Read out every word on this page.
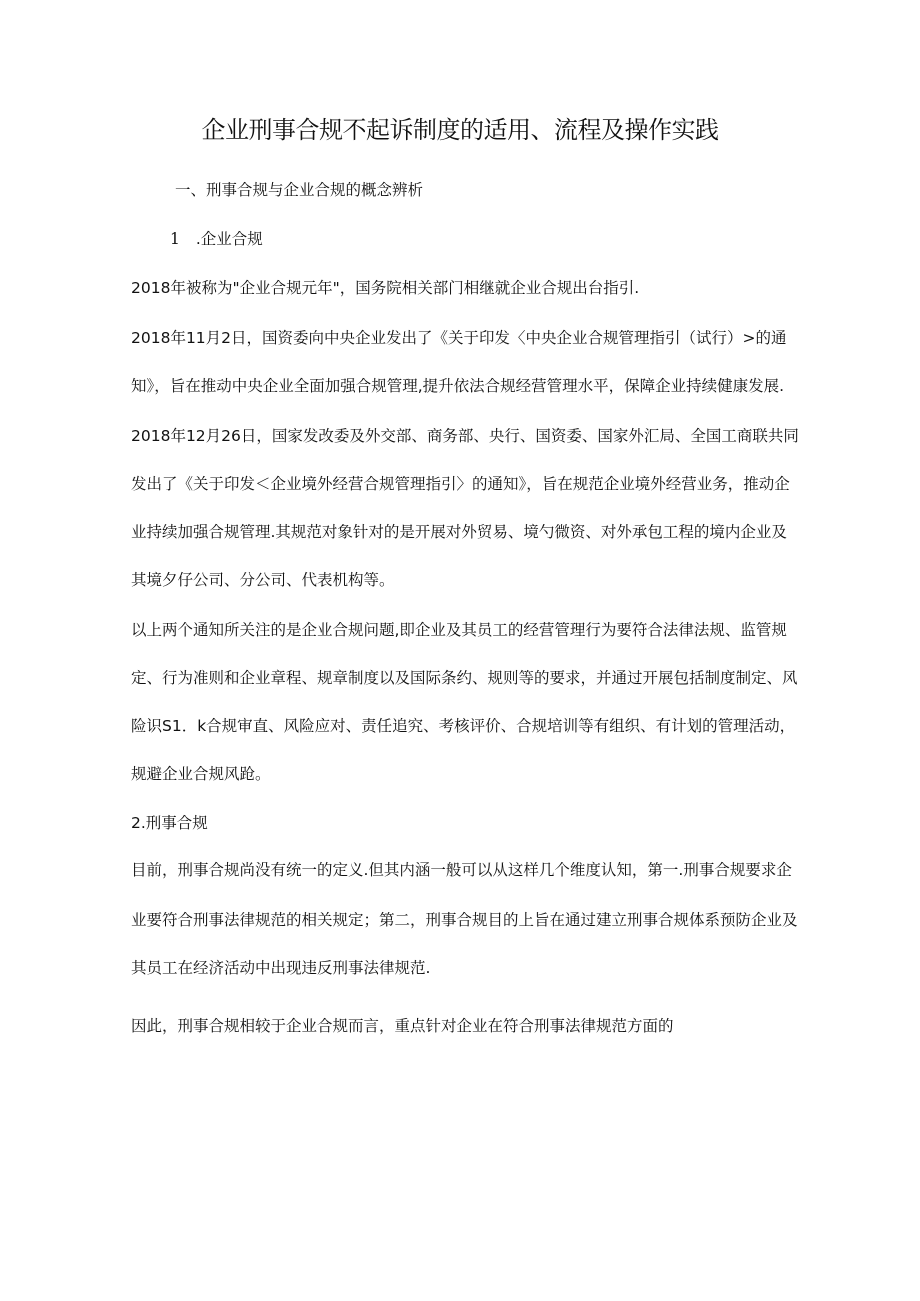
企业刑事合规不起诉制度的适用、流程及操作实践
一、刑事合规与企业合规的概念辨析
1 .企业合规
2018年被称为"企业合规元年"，国务院相关部门相继就企业合规出台指引.
2018年11月2日，国资委向中央企业发出了《关于印发〈中央企业合规管理指引（试行）>的通
知》，旨在推动中央企业全面加强合规管理,提升依法合规经营管理水平，保障企业持续健康发展.
2018年12月26日，国家发改委及外交部、商务部、央行、国资委、国家外汇局、全国工商联共同
发出了《关于印发＜企业境外经营合规管理指引〉的通知》，旨在规范企业境外经营业务，推动企
业持续加强合规管理.其规范对象针对的是开展对外贸易、境勺微资、对外承包工程的境内企业及
其境夕仔公司、分公司、代表机构等。
以上两个通知所关注的是企业合规问题,即企业及其员工的经营管理行为要符合法律法规、监管规
定、行为准则和企业章程、规章制度以及国际条约、规则等的要求，并通过开展包括制度制定、风
险识S1．k合规审直、风险应对、责任追究、考核评价、合规培训等有组织、有计划的管理活动，
规避企业合规风跄。
2.刑事合规
目前，刑事合规尚没有统一的定义.但其内涵一般可以从这样几个维度认知，第一.刑事合规要求企
业要符合刑事法律规范的相关规定；第二，刑事合规目的上旨在通过建立刑事合规体系预防企业及
其员工在经济活动中出现违反刑事法律规范.
因此，刑事合规相较于企业合规而言，重点针对企业在符合刑事法律规范方面的
